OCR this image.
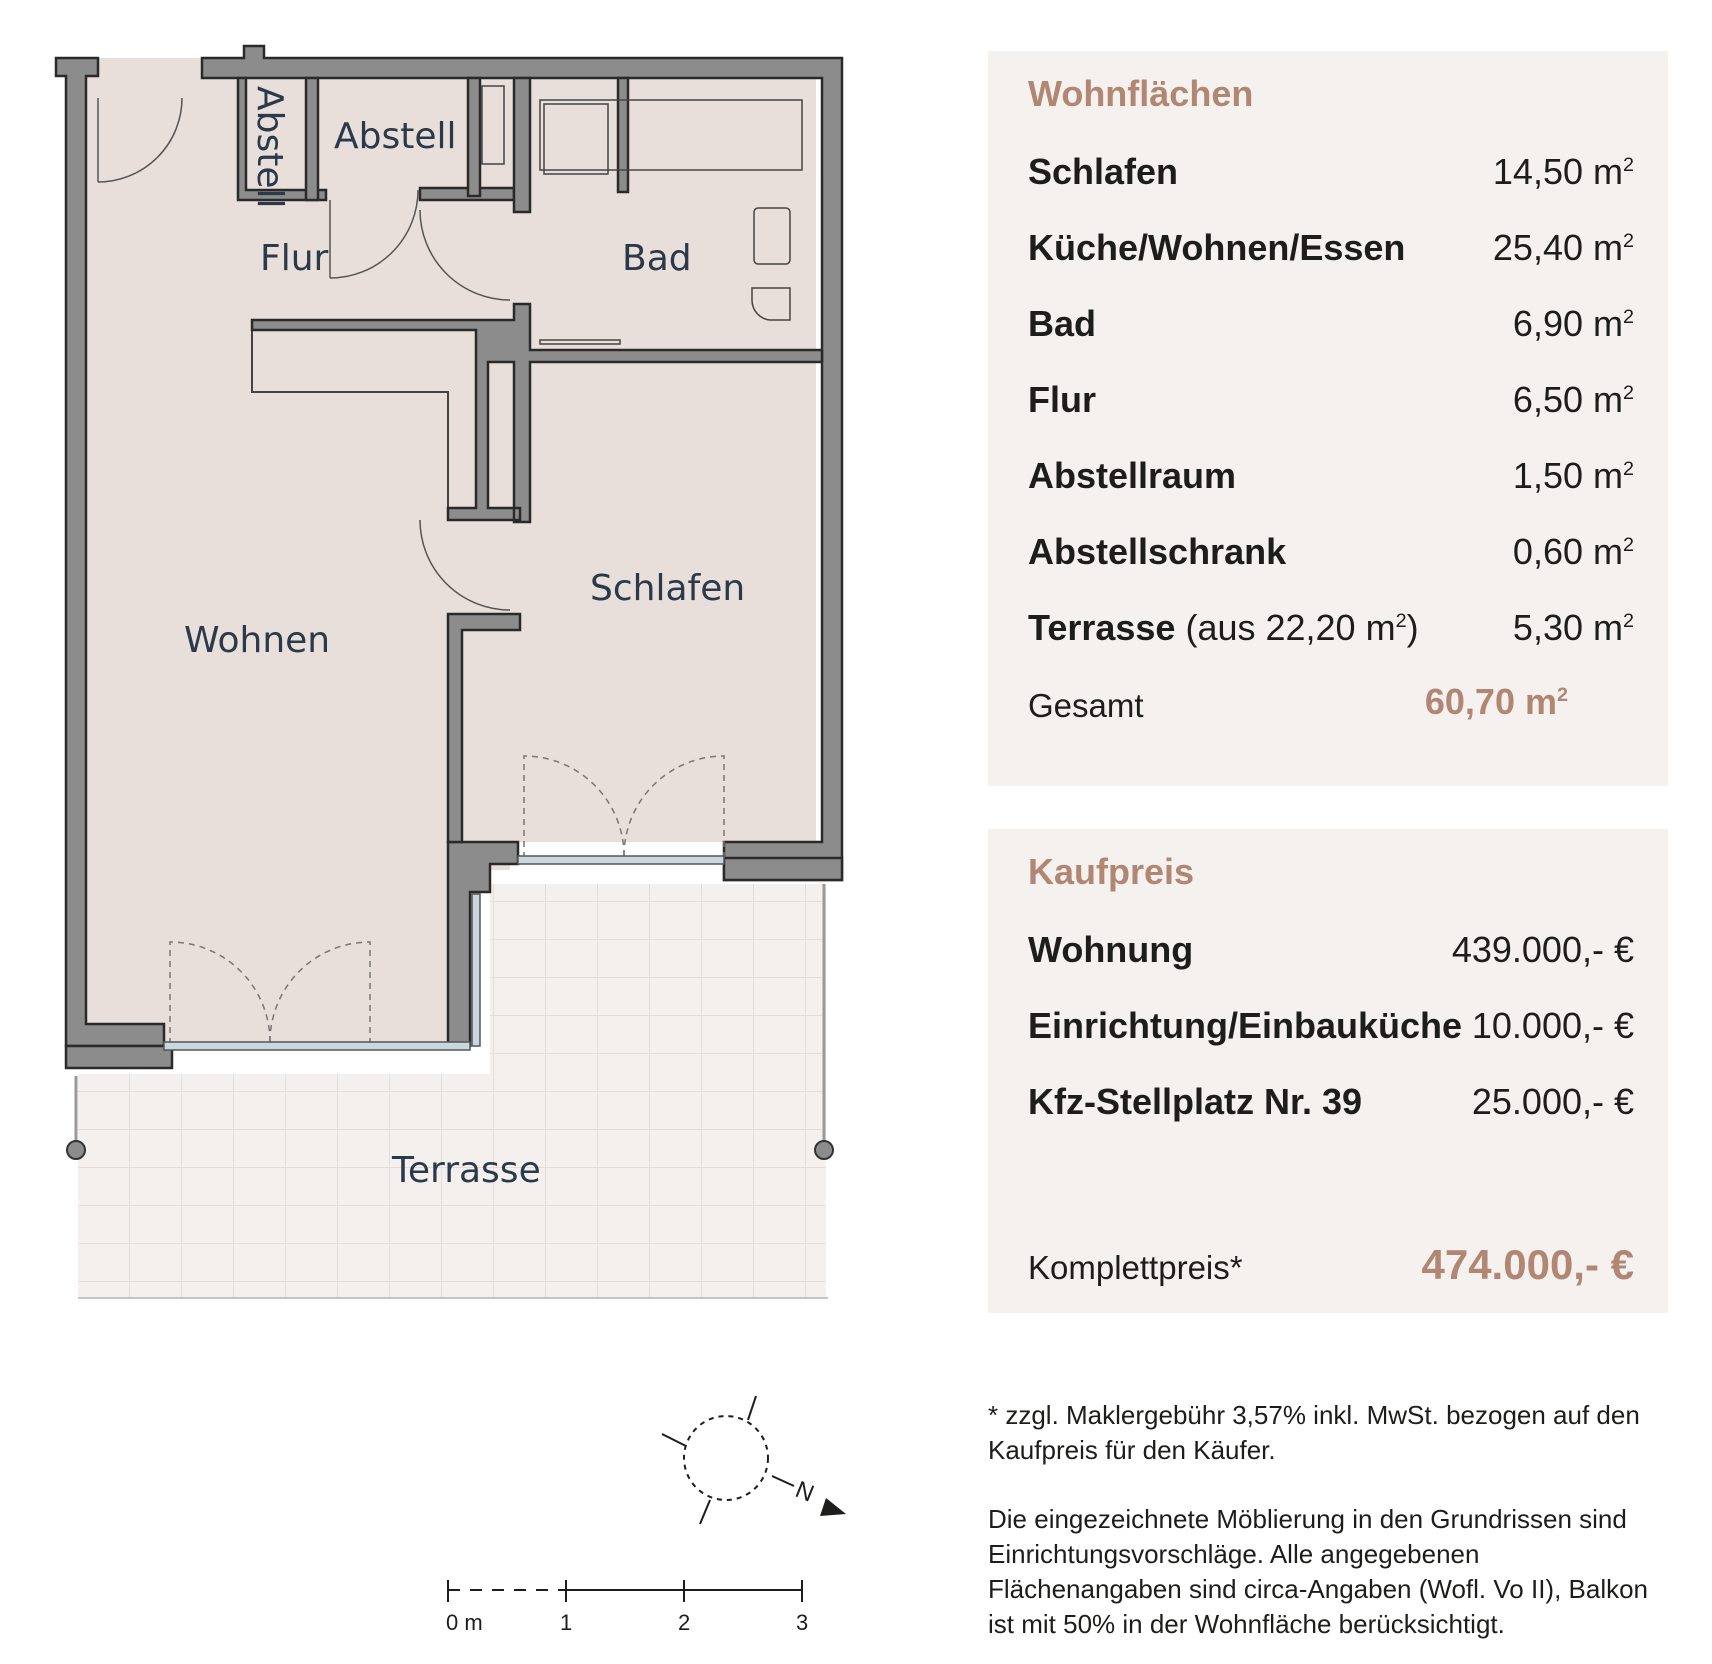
Abstell Abstell
Flur	Bad
Wohnen
Schlafen
Terrasse
N
0 m	1	2	3
Wohnflächen
Schlafen	14,50 $m^2$
Küche/Wohnen/Essen 25,40 $m^2$
Bad	6,90 $m^2$
Flur	6,50 $m^2$
Abstellraum	1,50 $m^2$
Abstellschrank	0,60 $m^2$
Terrasse (aus 22,20 $m^2$)	5,30 $m^2$
Gesamt	60,70 $m^2$
Kaufpreis
Wohnung	439.000,- €
Einrichtung/Einbauküche 10.000,- €
Kfz-Stellplatz Nr. 39	25.000,- €
Komplettpreis*	474.000,- €
* zzgl. Maklergebühr 3,57% inkl. MwSt. bezogen auf den Kaufpreis für den Käufer.
Die eingezeichnete Möblierung in den Grundrissen sind Einrichtungsvorschläge. Alle angegebenen Flächenangaben sind circa-Angaben (Wofl. Vo II), Balkon ist mit 50% in der Wohnfläche berücksichtigt.
